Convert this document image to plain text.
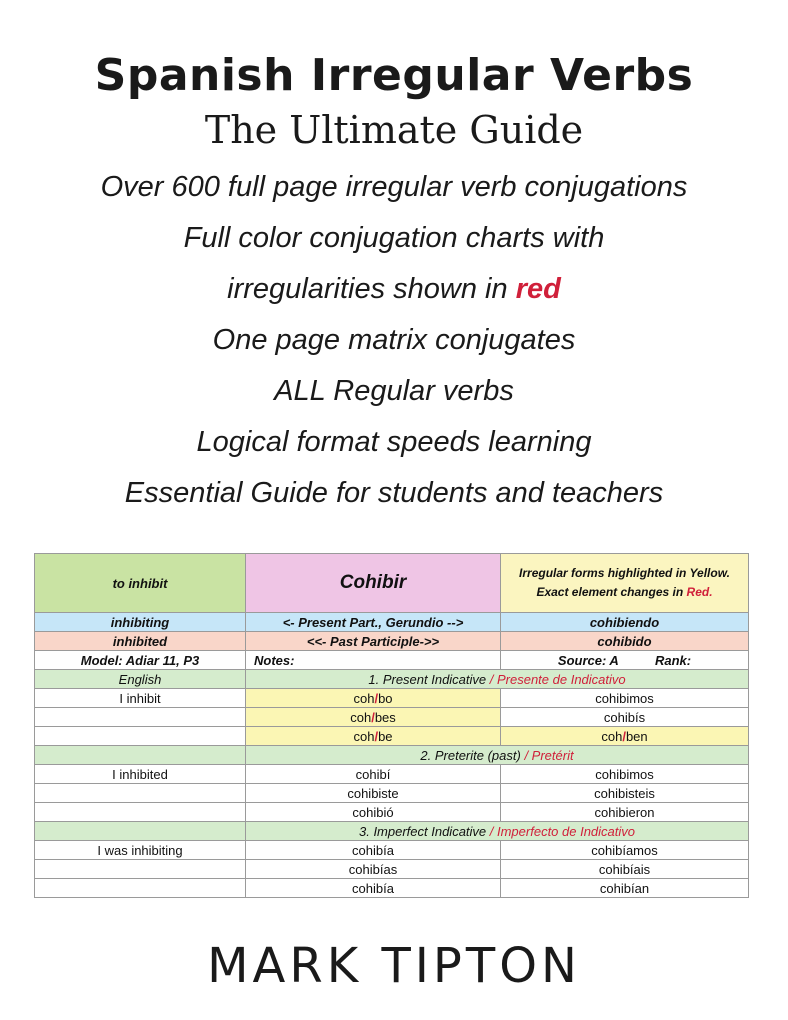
Spanish Irregular Verbs
The Ultimate Guide
Over 600 full page irregular verb conjugations
Full color conjugation charts with
irregularities shown in red
One page matrix conjugates
ALL Regular verbs
Logical format speeds learning
Essential Guide for students and teachers
to inhibit	Cohibir	Irregular forms highlighted in Yellow.
Exact element changes in Red.

inhibiting	<- Present Part., Gerundio -->	cohibiendo
inhibited	<<- Past Participle->>	cohibido
Model: Adiar 11, P3	Notes:	Source: A Rank:
English	1. Present Indicative / Presente de Indicativo	
I inhibit	coh/bo	cohibimos
	coh/bes	cohibís
	coh/be	coh/ben
	2. Preterite (past) / Pretérit	
I inhibited	cohibí	cohibimos
	cohibiste	cohibisteis
	cohibió	cohibieron
	3. Imperfect Indicative / Imperfecto de Indicativo	
I was inhibiting	cohibía	cohibíamos
	cohibías	cohibíais
	cohibía	cohibían
MARK TIPTON
